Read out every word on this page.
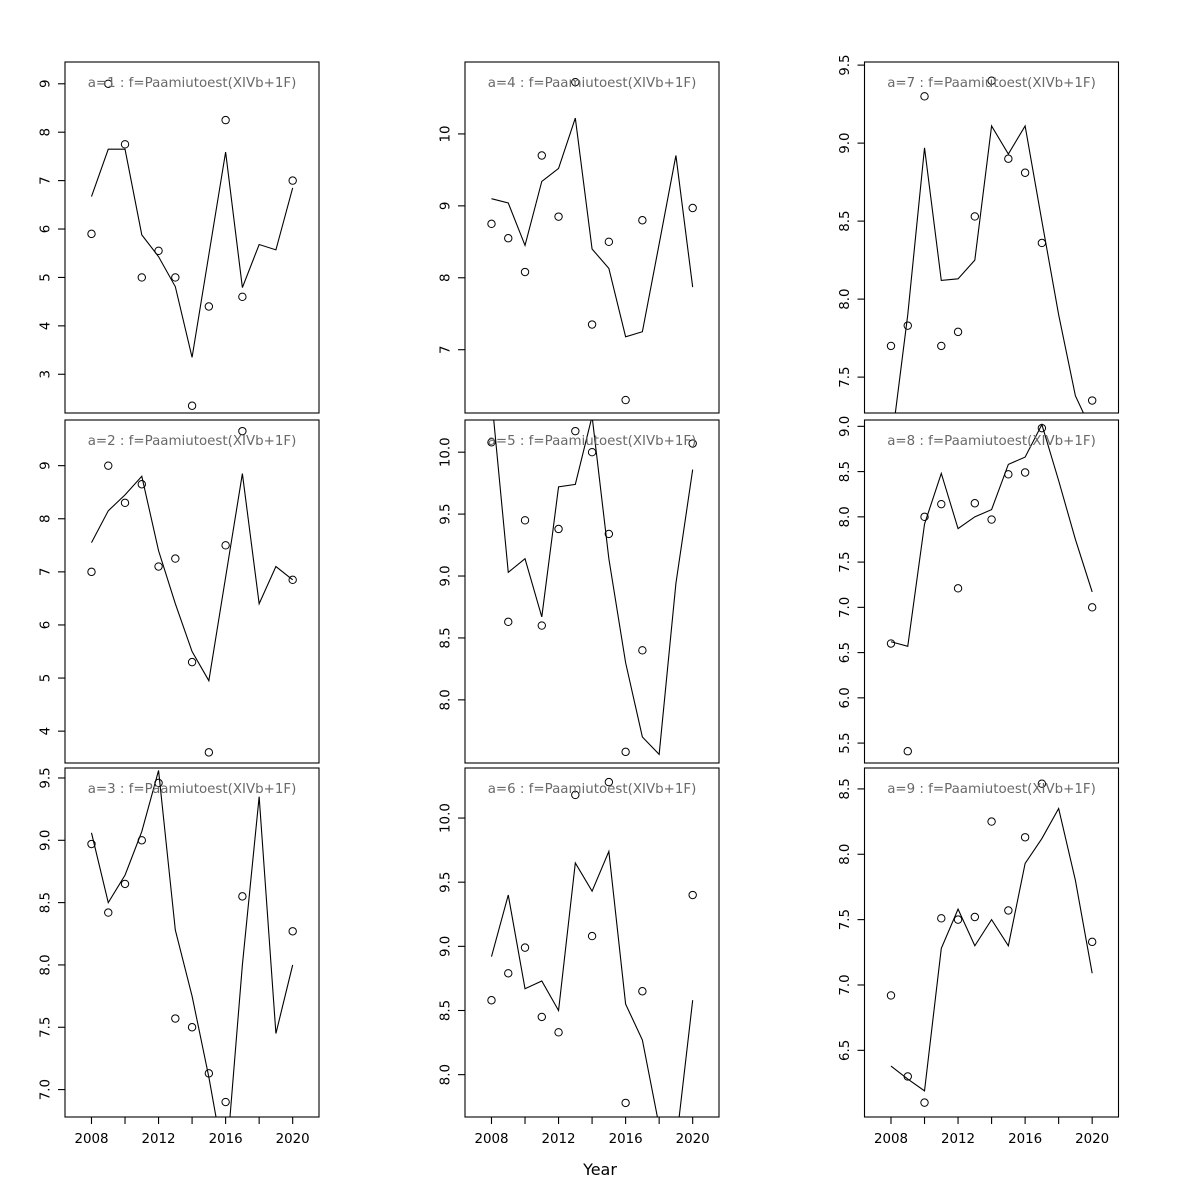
3
4
5
6
7
8
9	a=1 : f=Paamiutoest(XIVb+1F)
4
5
6
7
8
9
a=2 : f=Paamiutoest(XIVb+1F)
7.0
7.5
8.0
8.5
9.0
9.5
2008 2012 2016 2020
a=3 : f=Paamiutoest(XIVb+1F)
7
8
9
10
a=4 : f=Paamiutoest(XIVb+1F)
8.0
8.5
9.0
9.5
10.0	a=5 : f=Paamiutoest(XIVb+1F)
8.0
8.5
9.0
9.5
10.0
2008 2012 2016 2020
a=6 : f=Paamiutoest(XIVb+1F)
7.5
8.0
8.5
9.0
9.5
a=7 : f=Paamiutoest(XIVb+1F)
5.5
6.0
6.5
7.0
7.5
8.0
8.5
9.0
a=8 : f=Paamiutoest(XIVb+1F)
6.5
7.0
7.5
8.0
8.5
2008 2012 2016 2020
a=9 : f=Paamiutoest(XIVb+1F)
Year
